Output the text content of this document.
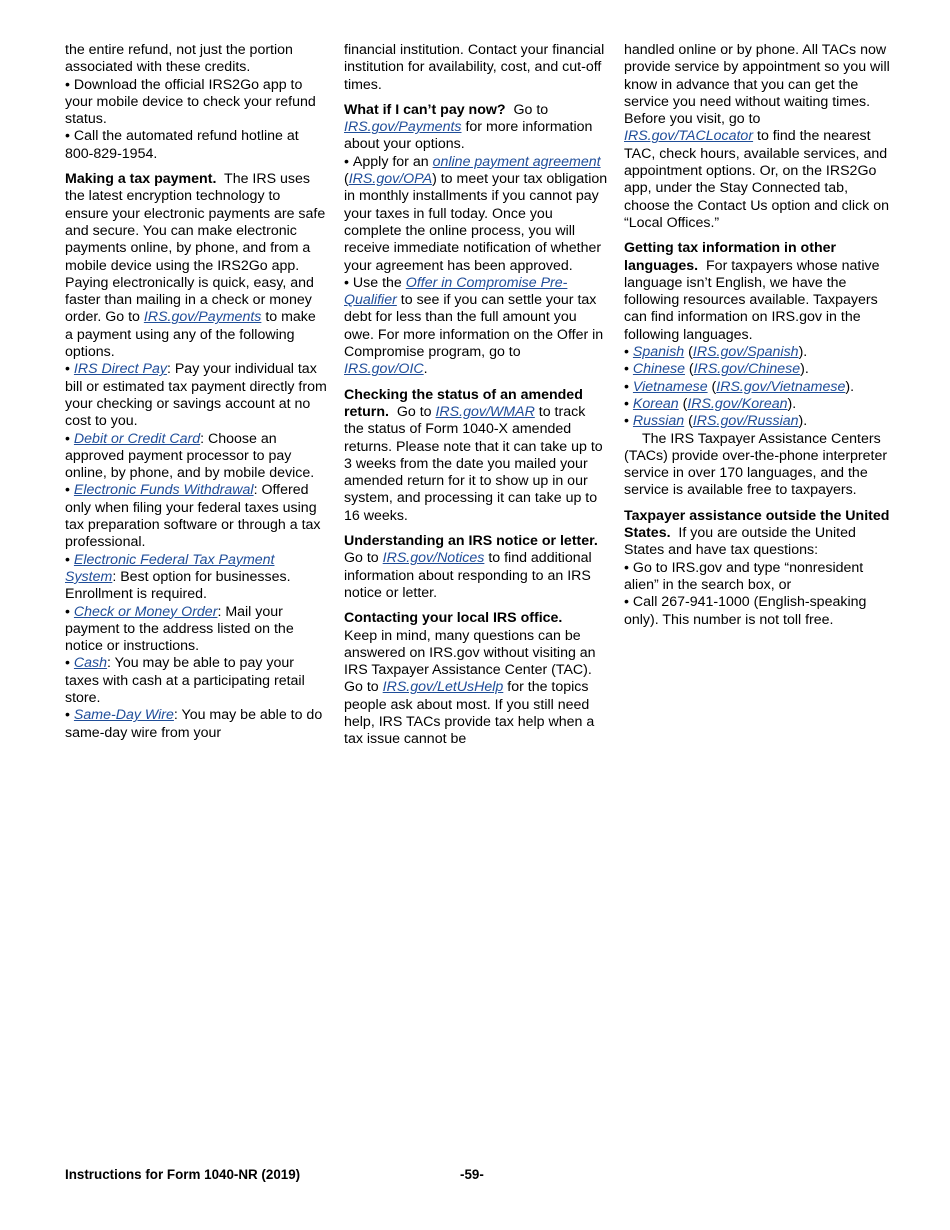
the entire refund, not just the portion associated with these credits.

• Download the official IRS2Go app to your mobile device to check your refund status.

• Call the automated refund hotline at 800-829-1954.

Making a tax payment. The IRS uses the latest encryption technology to ensure your electronic payments are safe and secure. You can make electronic payments online, by phone, and from a mobile device using the IRS2Go app. Paying electronically is quick, easy, and faster than mailing in a check or money order. Go to IRS.gov/Payments to make a payment using any of the following options.

• IRS Direct Pay: Pay your individual tax bill or estimated tax payment directly from your checking or savings account at no cost to you.

• Debit or Credit Card: Choose an approved payment processor to pay online, by phone, and by mobile device.

• Electronic Funds Withdrawal: Offered only when filing your federal taxes using tax preparation software or through a tax professional.

• Electronic Federal Tax Payment System: Best option for businesses. Enrollment is required.

• Check or Money Order: Mail your payment to the address listed on the notice or instructions.

• Cash: You may be able to pay your taxes with cash at a participating retail store.

• Same-Day Wire: You may be able to do same-day wire from your

financial institution. Contact your financial institution for availability, cost, and cut-off times.

What if I can’t pay now? Go to IRS.gov/Payments for more information about your options.

• Apply for an online payment agreement (IRS.gov/OPA) to meet your tax obligation in monthly installments if you cannot pay your taxes in full today. Once you complete the online process, you will receive immediate notification of whether your agreement has been approved.

• Use the Offer in Compromise Pre-Qualifier to see if you can settle your tax debt for less than the full amount you owe. For more information on the Offer in Compromise program, go to IRS.gov/OIC.

Checking the status of an amended return. Go to IRS.gov/WMAR to track the status of Form 1040-X amended returns. Please note that it can take up to 3 weeks from the date you mailed your amended return for it to show up in our system, and processing it can take up to 16 weeks.

Understanding an IRS notice or letter.  Go to IRS.gov/Notices to find additional information about responding to an IRS notice or letter.

Contacting your local IRS office.
Keep in mind, many questions can be answered on IRS.gov without visiting an IRS Taxpayer Assistance Center (TAC). Go to IRS.gov/LetUsHelp for the topics people ask about most. If you still need help, IRS TACs provide tax help when a tax issue cannot be

handled online or by phone. All TACs now provide service by appointment so you will know in advance that you can get the service you need without waiting times. Before you visit, go to IRS.gov/TACLocator to find the nearest TAC, check hours, available services, and appointment options. Or, on the IRS2Go app, under the Stay Connected tab, choose the Contact Us option and click on “Local Offices.”

Getting tax information in other languages. For taxpayers whose native language isn’t English, we have the following resources available. Taxpayers can find information on IRS.gov in the following languages.

• Spanish (IRS.gov/Spanish).
• Chinese (IRS.gov/Chinese).
• Vietnamese (IRS.gov/Vietnamese).
• Korean (IRS.gov/Korean).
• Russian (IRS.gov/Russian).

The IRS Taxpayer Assistance Centers (TACs) provide over-the-phone interpreter service in over 170 languages, and the service is available free to taxpayers.

Taxpayer assistance outside the United States. If you are outside the United States and have tax questions:

• Go to IRS.gov and type “nonresident alien” in the search box, or

• Call 267-941-1000 (English-speaking only). This number is not toll free.

Instructions for Form 1040-NR (2019)	-59-
